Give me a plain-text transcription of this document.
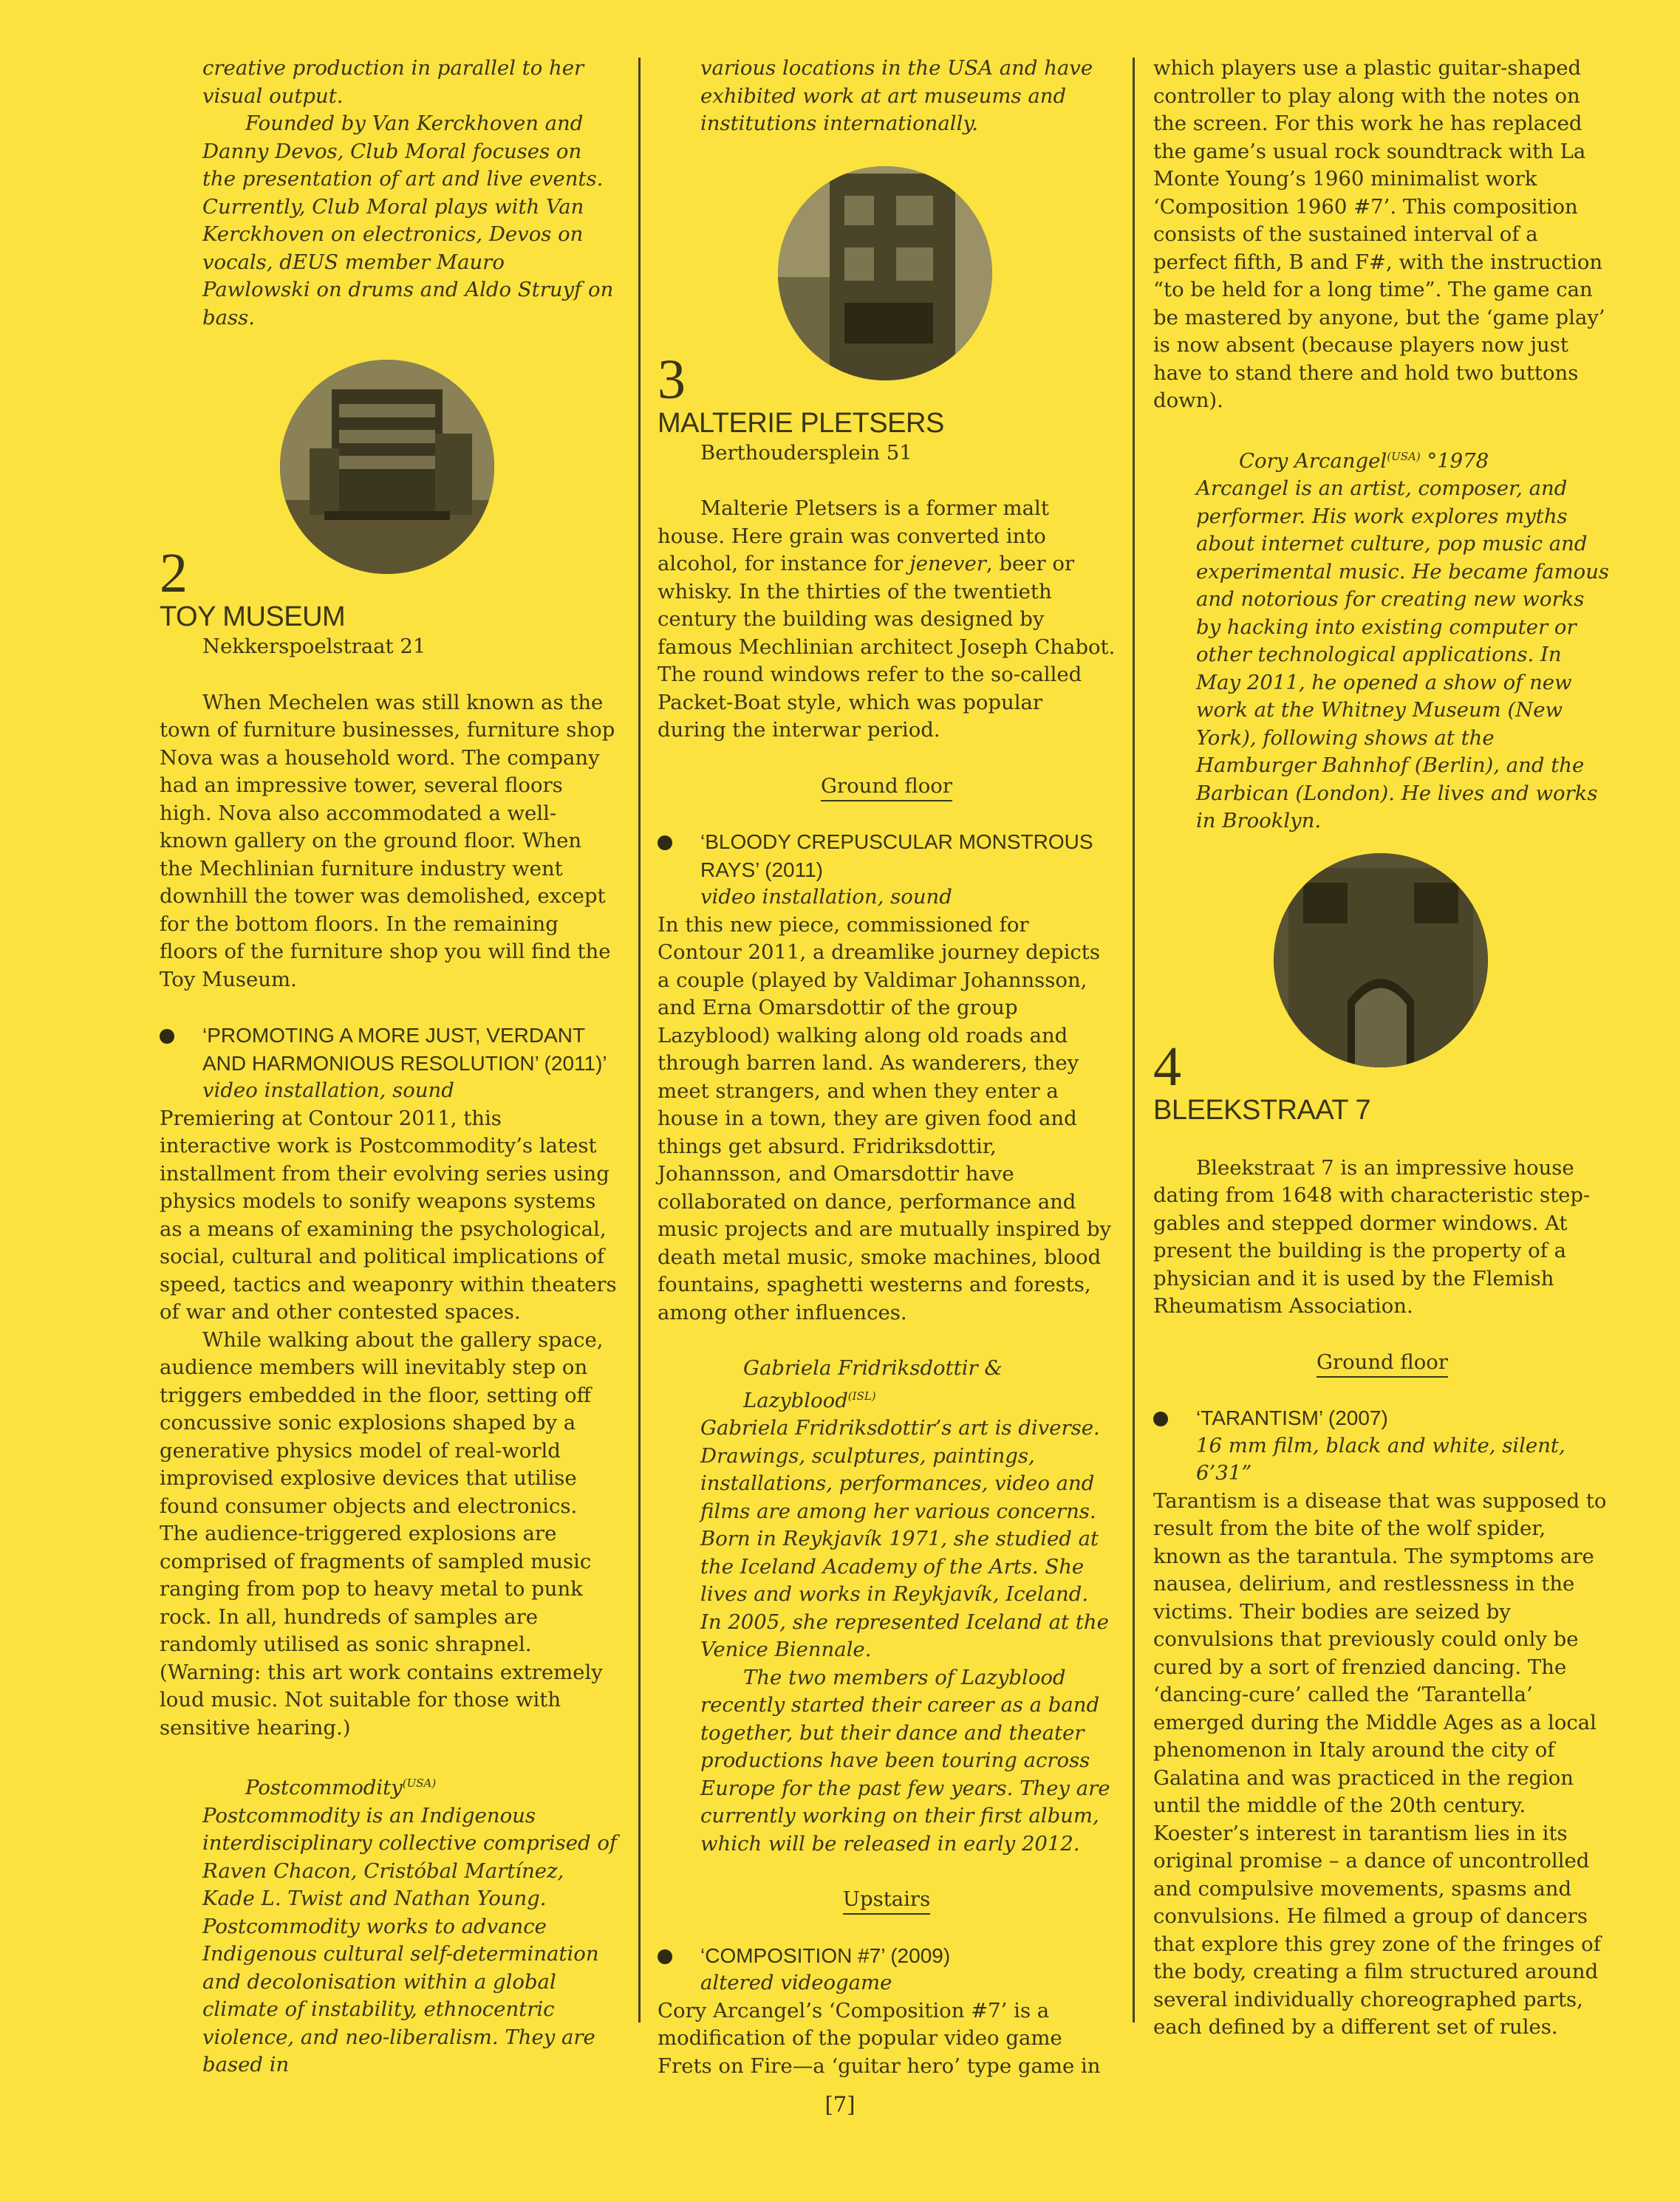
creative production in parallel to her visual output.

Founded by Van Kerckhoven and Danny Devos, Club Moral focuses on the presentation of art and live events. Currently, Club Moral plays with Van Kerckhoven on electronics, Devos on vocals, dEUS member Mauro Pawlowski on drums and Aldo Struyf on bass.

2
TOY MUSEUM
Nekkerspoelstraat 21

When Mechelen was still known as the town of furniture businesses, furniture shop Nova was a household word. The company had an impressive tower, several floors high. Nova also accommodated a well-known gallery on the ground floor. When the Mechlinian furniture industry went downhill the tower was demolished, except for the bottom floors. In the remaining floors of the furniture shop you will find the Toy Museum.

‘PROMOTING A MORE JUST, VERDANT AND HARMONIOUS RESOLUTION’ (2011)’
video installation, sound

Premiering at Contour 2011, this interactive work is Postcommodity’s latest installment from their evolving series using physics models to sonify weapons systems as a means of examining the psychological, social, cultural and political implications of speed, tactics and weaponry within theaters of war and other contested spaces.

While walking about the gallery space, audience members will inevitably step on triggers embedded in the floor, setting off concussive sonic explosions shaped by a generative physics model of real-world improvised explosive devices that utilise found consumer objects and electronics. The audience-triggered explosions are comprised of fragments of sampled music ranging from pop to heavy metal to punk rock. In all, hundreds of samples are randomly utilised as sonic shrapnel. (Warning: this art work contains extremely loud music. Not suitable for those with sensitive hearing.)

Postcommodity$^{(USA)}$

Postcommodity is an Indigenous interdisciplinary collective comprised of Raven Chacon, Cristóbal Martínez, Kade L. Twist and Nathan Young. Postcommodity works to advance Indigenous cultural self-determination and decolonisation within a global climate of instability, ethnocentric violence, and neo-liberalism. They are based in

various locations in the USA and have exhibited work at art museums and institutions internationally.

3
MALTERIE PLETSERS
Berthoudersplein 51

Malterie Pletsers is a former malt house. Here grain was converted into alcohol, for instance for jenever, beer or whisky. In the thirties of the twentieth century the building was designed by famous Mechlinian architect Joseph Chabot. The round windows refer to the so-called Packet-Boat style, which was popular during the interwar period.

Ground floor
‘BLOODY CREPUSCULAR MONSTROUS RAYS’ (2011)
video installation, sound

In this new piece, commissioned for Contour 2011, a dreamlike journey depicts a couple (played by Valdimar Johannsson, and Erna Omarsdottir of the group Lazyblood) walking along old roads and through barren land. As wanderers, they meet strangers, and when they enter a house in a town, they are given food and things get absurd. Fridriksdottir, Johannsson, and Omarsdottir have collaborated on dance, performance and music projects and are mutually inspired by death metal music, smoke machines, blood fountains, spaghetti westerns and forests, among other influences.

Gabriela Fridriksdottir & Lazyblood$^{(ISL)}$

Gabriela Fridriksdottir’s art is diverse. Drawings, sculptures, paintings, installations, performances, video and films are among her various concerns. Born in Reykjavík 1971, she studied at the Iceland Academy of the Arts. She lives and works in Reykjavík, Iceland. In 2005, she represented Iceland at the Venice Biennale.

The two members of Lazyblood recently started their career as a band together, but their dance and theater productions have been touring across Europe for the past few years. They are currently working on their first album, which will be released in early 2012.

Upstairs
‘COMPOSITION #7’ (2009)
altered videogame

Cory Arcangel’s ‘Composition #7’ is a modification of the popular video game Frets on Fire—a ‘guitar hero’ type game in

which players use a plastic guitar-shaped controller to play along with the notes on the screen. For this work he has replaced the game’s usual rock soundtrack with La Monte Young’s 1960 minimalist work ‘Composition 1960 #7’. This composition consists of the sustained interval of a perfect fifth, B and F#, with the instruction “to be held for a long time”. The game can be mastered by anyone, but the ‘game play’ is now absent (because players now just have to stand there and hold two buttons down).

Cory Arcangel$^{(USA)}$ °1978

Arcangel is an artist, composer, and performer. His work explores myths about internet culture, pop music and experimental music. He became famous and notorious for creating new works by hacking into existing computer or other technological applications. In May 2011, he opened a show of new work at the Whitney Museum (New York), following shows at the Hamburger Bahnhof (Berlin), and the Barbican (London). He lives and works in Brooklyn.

4
BLEEKSTRAAT 7

Bleekstraat 7 is an impressive house dating from 1648 with characteristic step-gables and stepped dormer windows. At present the building is the property of a physician and it is used by the Flemish Rheumatism Association.

Ground floor
‘TARANTISM’ (2007)
16 mm film, black and white, silent, 6’31”

Tarantism is a disease that was supposed to result from the bite of the wolf spider, known as the tarantula. The symptoms are nausea, delirium, and restlessness in the victims. Their bodies are seized by convulsions that previously could only be cured by a sort of frenzied dancing. The ‘dancing-cure’ called the ‘Tarantella’ emerged during the Middle Ages as a local phenomenon in Italy around the city of Galatina and was practiced in the region until the middle of the 20th century. Koester’s interest in tarantism lies in its original promise – a dance of uncontrolled and compulsive movements, spasms and convulsions. He filmed a group of dancers that explore this grey zone of the fringes of the body, creating a film structured around several individually choreographed parts, each defined by a different set of rules.

[7]
